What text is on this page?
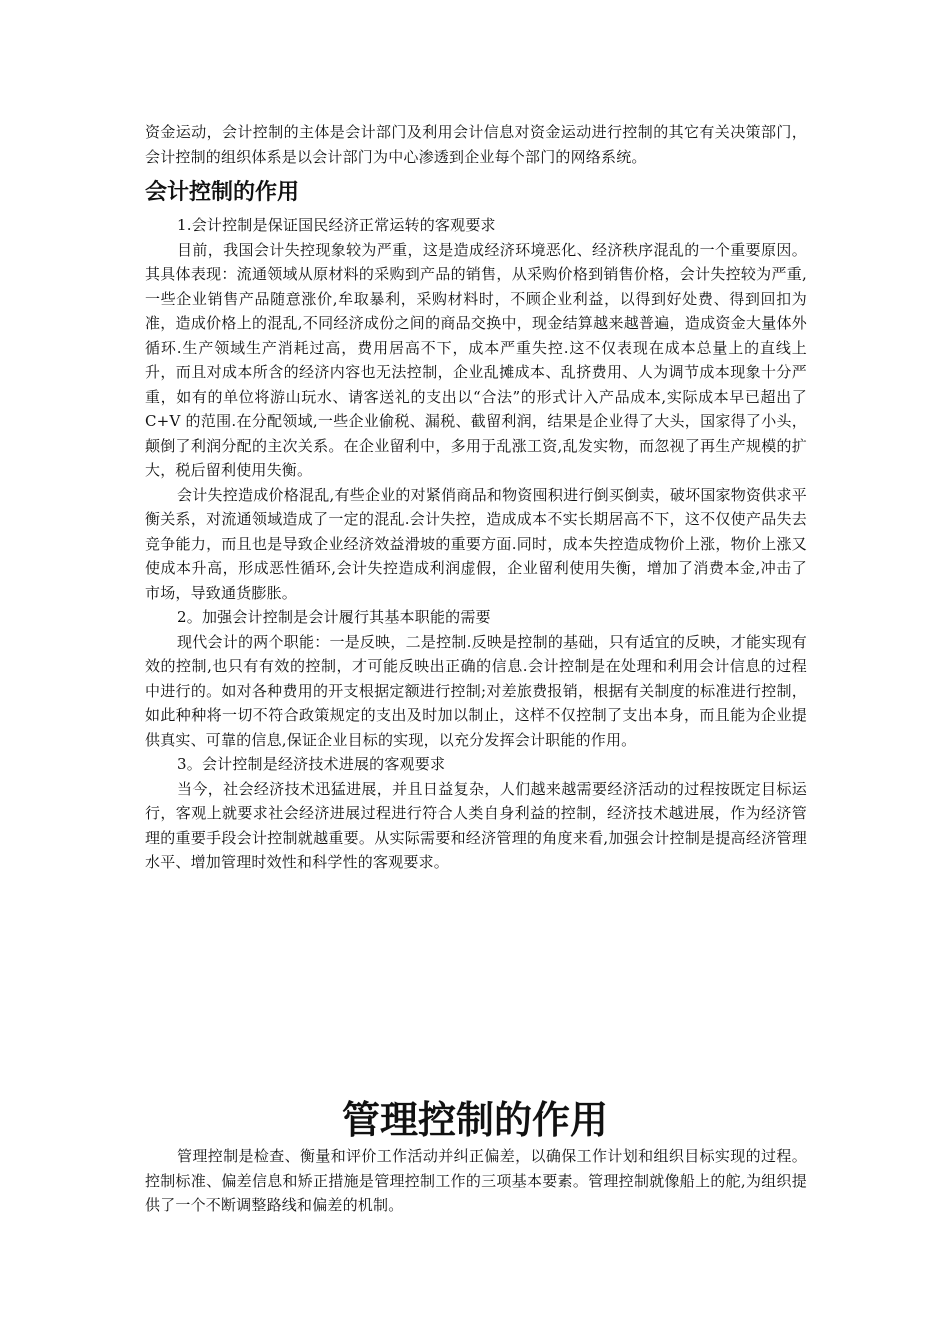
资金运动，会计控制的主体是会计部门及利用会计信息对资金运动进行控制的其它有关决策部门，会计控制的组织体系是以会计部门为中心渗透到企业每个部门的网络系统。

会计控制的作用

1.会计控制是保证国民经济正常运转的客观要求

目前，我国会计失控现象较为严重，这是造成经济环境恶化、经济秩序混乱的一个重要原因。其具体表现：流通领域从原材料的采购到产品的销售，从采购价格到销售价格，会计失控较为严重,一些企业销售产品随意涨价,牟取暴利，采购材料时，不顾企业利益，以得到好处费、得到回扣为准，造成价格上的混乱,不同经济成份之间的商品交换中，现金结算越来越普遍，造成资金大量体外循环.生产领域生产消耗过高，费用居高不下，成本严重失控.这不仅表现在成本总量上的直线上升，而且对成本所含的经济内容也无法控制，企业乱摊成本、乱挤费用、人为调节成本现象十分严重，如有的单位将游山玩水、请客送礼的支出以“合法”的形式计入产品成本,实际成本早已超出了 C+V 的范围.在分配领域,一些企业偷税、漏税、截留利润，结果是企业得了大头，国家得了小头，颠倒了利润分配的主次关系。在企业留利中，多用于乱涨工资,乱发实物，而忽视了再生产规模的扩大，税后留利使用失衡。

会计失控造成价格混乱,有些企业的对紧俏商品和物资囤积进行倒买倒卖，破坏国家物资供求平衡关系，对流通领域造成了一定的混乱.会计失控，造成成本不实长期居高不下，这不仅使产品失去竞争能力，而且也是导致企业经济效益滑坡的重要方面.同时，成本失控造成物价上涨，物价上涨又使成本升高，形成恶性循环,会计失控造成利润虚假，企业留利使用失衡，增加了消费本金,冲击了市场，导致通货膨胀。

2。加强会计控制是会计履行其基本职能的需要

现代会计的两个职能：一是反映，二是控制.反映是控制的基础，只有适宜的反映，才能实现有效的控制,也只有有效的控制，才可能反映出正确的信息.会计控制是在处理和利用会计信息的过程中进行的。如对各种费用的开支根据定额进行控制;对差旅费报销，根据有关制度的标准进行控制，如此种种将一切不符合政策规定的支出及时加以制止，这样不仅控制了支出本身，而且能为企业提供真实、可靠的信息,保证企业目标的实现，以充分发挥会计职能的作用。

3。会计控制是经济技术进展的客观要求

当今，社会经济技术迅猛进展，并且日益复杂，人们越来越需要经济活动的过程按既定目标运行，客观上就要求社会经济进展过程进行符合人类自身利益的控制，经济技术越进展，作为经济管理的重要手段会计控制就越重要。从实际需要和经济管理的角度来看,加强会计控制是提高经济管理水平、增加管理时效性和科学性的客观要求。

管理控制的作用

管理控制是检查、衡量和评价工作活动并纠正偏差，以确保工作计划和组织目标实现的过程。控制标准、偏差信息和矫正措施是管理控制工作的三项基本要素。管理控制就像船上的舵,为组织提供了一个不断调整路线和偏差的机制。
